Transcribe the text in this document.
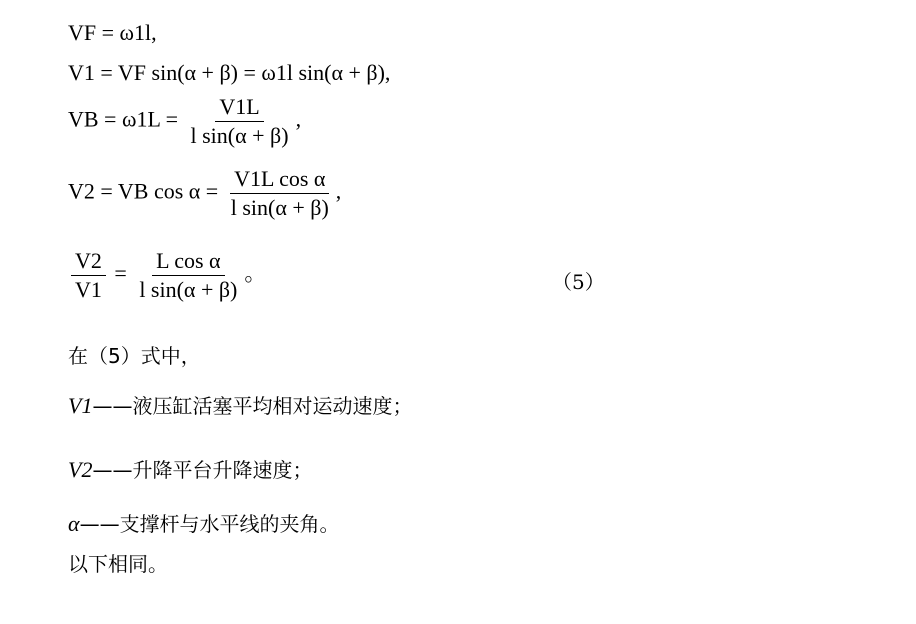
VF = ω1l,
V1 = VF sin(α + β) = ω1l sin(α + β),
VB = $\omega 1L = \frac{V1L}{\text{l sin(α + β)}}$ ,
V2 = VB $\cos \alpha = \frac{\text{V1L cos α}}{\text{l sin(α + β)}}$ ,
$\frac{V2}{V1} = \frac{\text{L cos α}}{\text{l sin(α + β)}}$ 。	（5）
在（5）式中，
V1——液压缸活塞平均相对运动速度；
V2——升降平台升降速度；
α——支撑杆与水平线的夹角。
以下相同。
